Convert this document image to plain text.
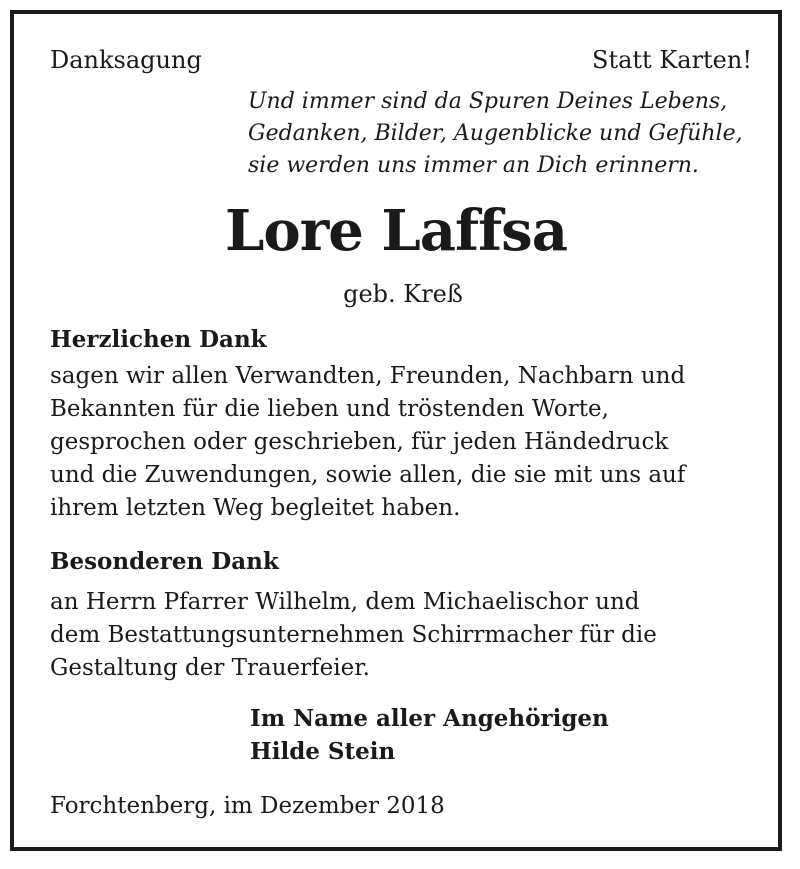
Danksagung	Statt Karten!
Und immer sind da Spuren Deines Lebens,
Gedanken, Bilder, Augenblicke und Gefühle,
sie werden uns immer an Dich erinnern.
Lore Laffsa
geb. Kreß
Herzlichen Dank
sagen wir allen Verwandten, Freunden, Nachbarn und
Bekannten für die lieben und tröstenden Worte,
gesprochen oder geschrieben, für jeden Händedruck
und die Zuwendungen, sowie allen, die sie mit uns auf
ihrem letzten Weg begleitet haben.
Besonderen Dank
an Herrn Pfarrer Wilhelm, dem Michaelischor und
dem Bestattungsunternehmen Schirrmacher für die
Gestaltung der Trauerfeier.
Im Name aller Angehörigen
Hilde Stein
Forchtenberg, im Dezember 2018
